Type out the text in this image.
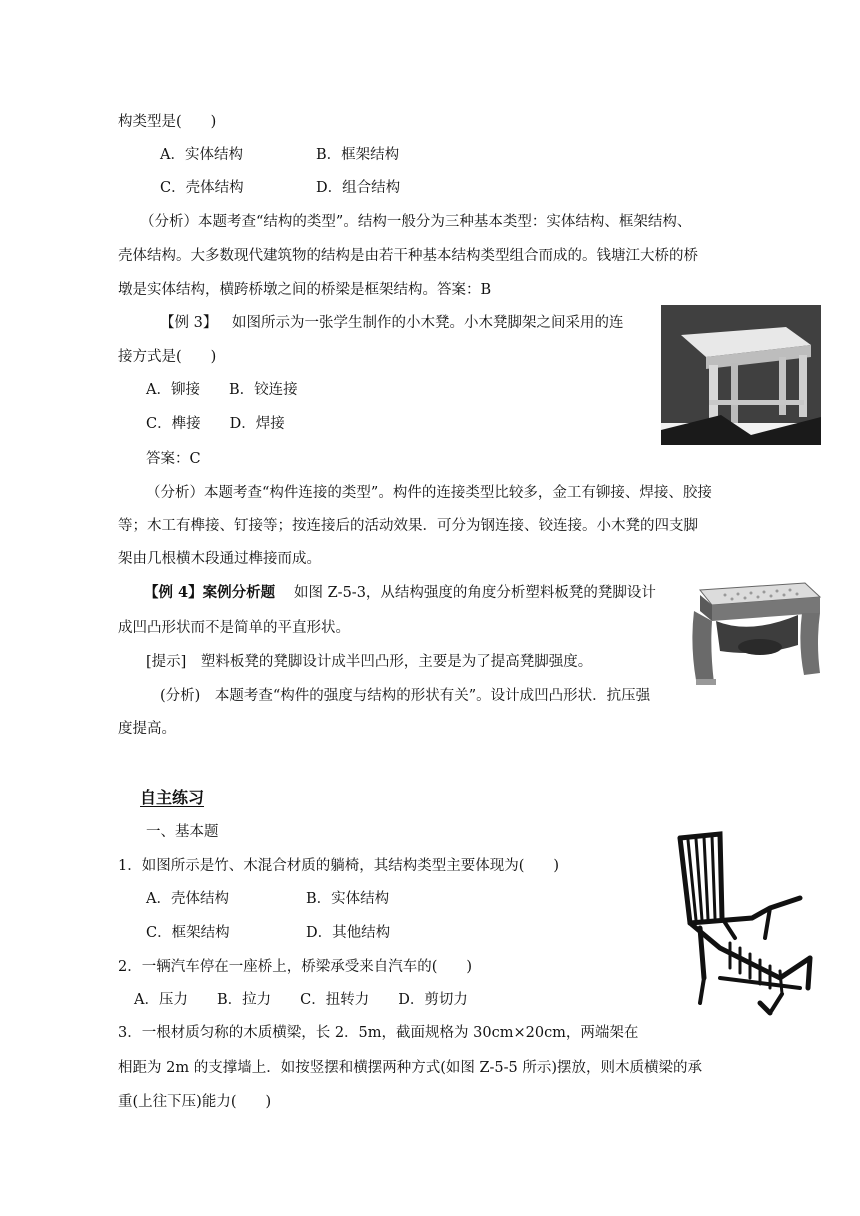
构类型是(　　)
A．实体结构	B．框架结构
C．壳体结构	D．组合结构
（分析）本题考查“结构的类型”。结构一般分为三种基本类型：实体结构、框架结构、
壳体结构。大多数现代建筑物的结构是由若干种基本结构类型组合而成的。钱塘江大桥的桥
墩是实体结构，横跨桥墩之间的桥梁是框架结构。答案：B
【例 3】 如图所示为一张学生制作的小木凳。小木凳脚架之间采用的连
接方式是(　　)
A．铆接　　B．铰连接
C．榫接　　D．焊接
答案：C
（分析）本题考查“构件连接的类型”。构件的连接类型比较多，金工有铆接、焊接、胶接
等；木工有榫接、钉接等；按连接后的活动效果．可分为钢连接、铰连接。小木凳的四支脚
架由几根横木段通过榫接而成。
【例 4】案例分析题 如图 Z-5-3，从结构强度的角度分析塑料板凳的凳脚设计
成凹凸形状而不是简单的平直形状。
[提示]　塑料板凳的凳脚设计成半凹凸形，主要是为了提高凳脚强度。
(分析)　本题考查“构件的强度与结构的形状有关”。设计成凹凸形状．抗压强
度提高。
自主练习
一、基本题
1．如图所示是竹、木混合材质的躺椅，其结构类型主要体现为(　　)
A．壳体结构	B．实体结构
C．框架结构	D．其他结构
2．一辆汽车停在一座桥上，桥梁承受来自汽车的(　　)
A．压力　　B．拉力　　C．扭转力　　D．剪切力
3．一根材质匀称的木质横梁，长 2．5m，截面规格为 30cm×20cm，两端架在
相距为 2m 的支撑墙上．如按竖摆和横摆两种方式(如图 Z-5-5 所示)摆放，则木质横梁的承
重(上往下压)能力(　　)
